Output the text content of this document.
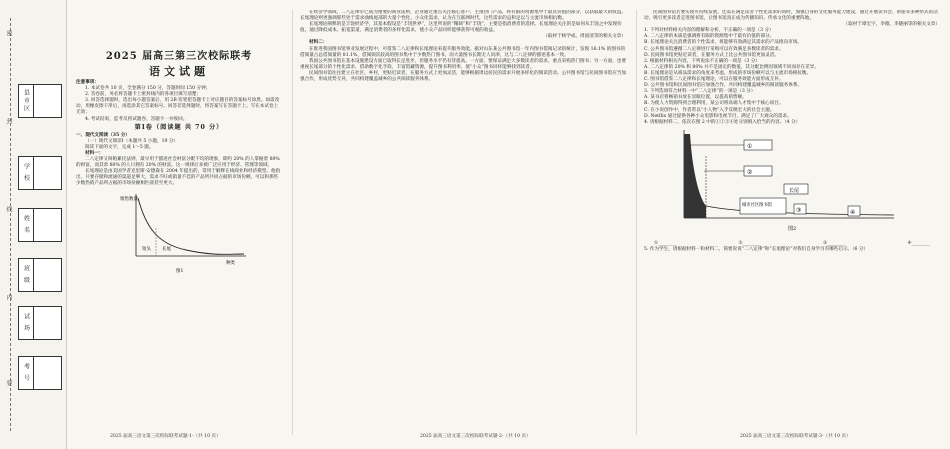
密
封
线
内
要
县市区
学 校
姓 名
班 级
试 场
考 号
2025 届高三第三次校际联考
语文试题

注意事项：

1. 本试卷共 10 页，全卷满分 150 分，答题时间 150 分钟；

2. 答卷前，务必将答题卡上密封线内的各项目填写清楚；

3. 回答选择题时，选出每小题答案后，用 2B 铅笔把答题卡上对应题目的答案标号涂黑。如需改动，用橡皮擦干净后，再选涂其它答案标号。回答非选择题时，将答案写在答题卡上。写在本试卷上无效；

4. 考试结束，监考员将试题卷、答题卡一并收回。

第Ⅰ卷（阅读题 共 70 分）

一、现代文阅读（35 分）

（一）现代文阅读Ⅰ（本题共 5 小题，19 分）

阅读下面的文字，完成 1～5 题。

材料一：

二八定律又叫帕累托法则，最早用于描述社会财富分配不均的现象，即约 20% 的人掌握着 80% 的财富，而其余 80% 的人只拥有 20% 的财富。这一规律后来被广泛应用于经济、管理等领域。

长尾理论是由美国学者克里斯·安德森在 2004 年提出的，常用于解释在线商业和经济模型。他指出，只要存储和流通的渠道足够大，需求不旺或销量不佳的产品所共同占据的市场份额，可以和那些少数热销产品所占据的市场份额相匹敌甚至更大。

销售数量
种类
短头 长尾
图1
2025 届高三语文第三次校际联考试题-1-（共 10 页）

在经济学领域，二八定律早已成为重要的商业法则，企业通过重点关注核心客户、主推热门产品，将有限的资源集中于最具价值的部分，以获取最大的收益。长尾理论则更强调那些处于需求曲线尾部的大量个性化、小众化需求，认为在互联网时代，这些需求的总和足以与主流市场相抗衡。

长尾理论阐释的是丰饶经济学，其基本假设是“丰饶世界”，这里所说的“稀缺”和“丰饶”，主要是指消费者的选择。长尾理论关注的是如何从丰饶之中发现价值，通过降低成本、拓宽渠道，满足消费者的多样化需求，使小众产品同样能够获得可观的收益。

（取材于杨学成、周国清等的相关文章）

材料二：

在推进我国图书馆事业发展过程中，可借鉴二八定律和长尾理论来提升服务效能。据对山东某公共图书馆一年内图书借阅记录的统计，发现 16.1% 的图书的借阅量占总借阅量的 81.1%，借阅频次较高的图书集中于少数热门图书，而大量图书长期无人问津，这与二八定律的描述基本一致。

我国公共图书馆在基本设施建设方面已取得长足进步，但服务水平仍有待提高。一方面，要保证满足大多数读者的需求，重点采购热门图书；另一方面，也要重视长尾部分的个性化需求，借助数字化手段，丰富馆藏资源，提升图书利用率，使“小众”图书同样能够找到读者。

民间图书馆往往建立在社区、乡村，更贴近读者，在服务方式上更加灵活，能够根据周边居民的需求开展多样化的阅读活动。公共图书馆与民间图书馆应当加强合作，形成优势互补，共同构建覆盖城乡的公共阅读服务体系。

2025 届高三语文第三次校际联考试题-2-（共 10 页）

民间图书馆若要实现可持续发展，还需在满足读者个性化需求的同时，加强自身的文化服务能力建设，通过开展读书会、讲座等多种形式的活动，吸引更多读者走进图书馆，让图书馆真正成为传播知识、传承文化的重要阵地。

（取材于谭宏宇、李薇、李晓丽等的相关文章）

1. 下列对材料相关内容的理解和分析，不正确的一项是（3 分）

A. 二八定律的本质是强调将有限的资源集中于最有价值的部分。

B. 长尾理论关注消费者的个性需求，将能够有效满足其需求的产品推向市场。

C. 公共图书馆遵循二八定律进行采购可以有效满足多数读者的需求。

D. 民间图书馆更贴近读者，在服务方式上比公共图书馆更加灵活。

2. 根据材料相关内容，下列说法不正确的一项是（3 分）

A. 二八定律的 20% 和 80% 并不是固定的数值，其分配比例因领域不同而存在差异。

B. 长尾理论是从商品需求的角度来考虑，形成的市场份额可以与主流市场相抗衡。

C. 图书馆借鉴二八定律和长尾理论，可以在服务效能方面形成互补。

D. 公共图书馆和民间图书馆应加强合作，共同构建覆盖城乡的阅读服务体系。

3. 下列选项符合材料一中“二八定律”的一项是（3 分）

A. 某书店将畅销书放在显眼位置，以提高销售额。

B. 为使人力资源得到合理利用，某公司将高端人才集中于核心项目。

C. 在小说创作中，作者常以“小人物”入手反映宏大的社会主题。

D. Netflix 通过提供各种小众电影和电视节目，满足了广大观众的需求。

4. 请根据材料二，依次在图 2 中的①②③④处分别填入恰当的内容。（4 分）

①
②
长尾
城市社区图书馆
③	④
图2
①________	②________	③________	④________

5. 作为学生，请根据材料一和材料二，简要说说“二八定律”和“长尾理论”对我们自身学习有哪些启示。（6 分）

2025 届高三语文第三次校际联考试题-3-（共 10 页）
